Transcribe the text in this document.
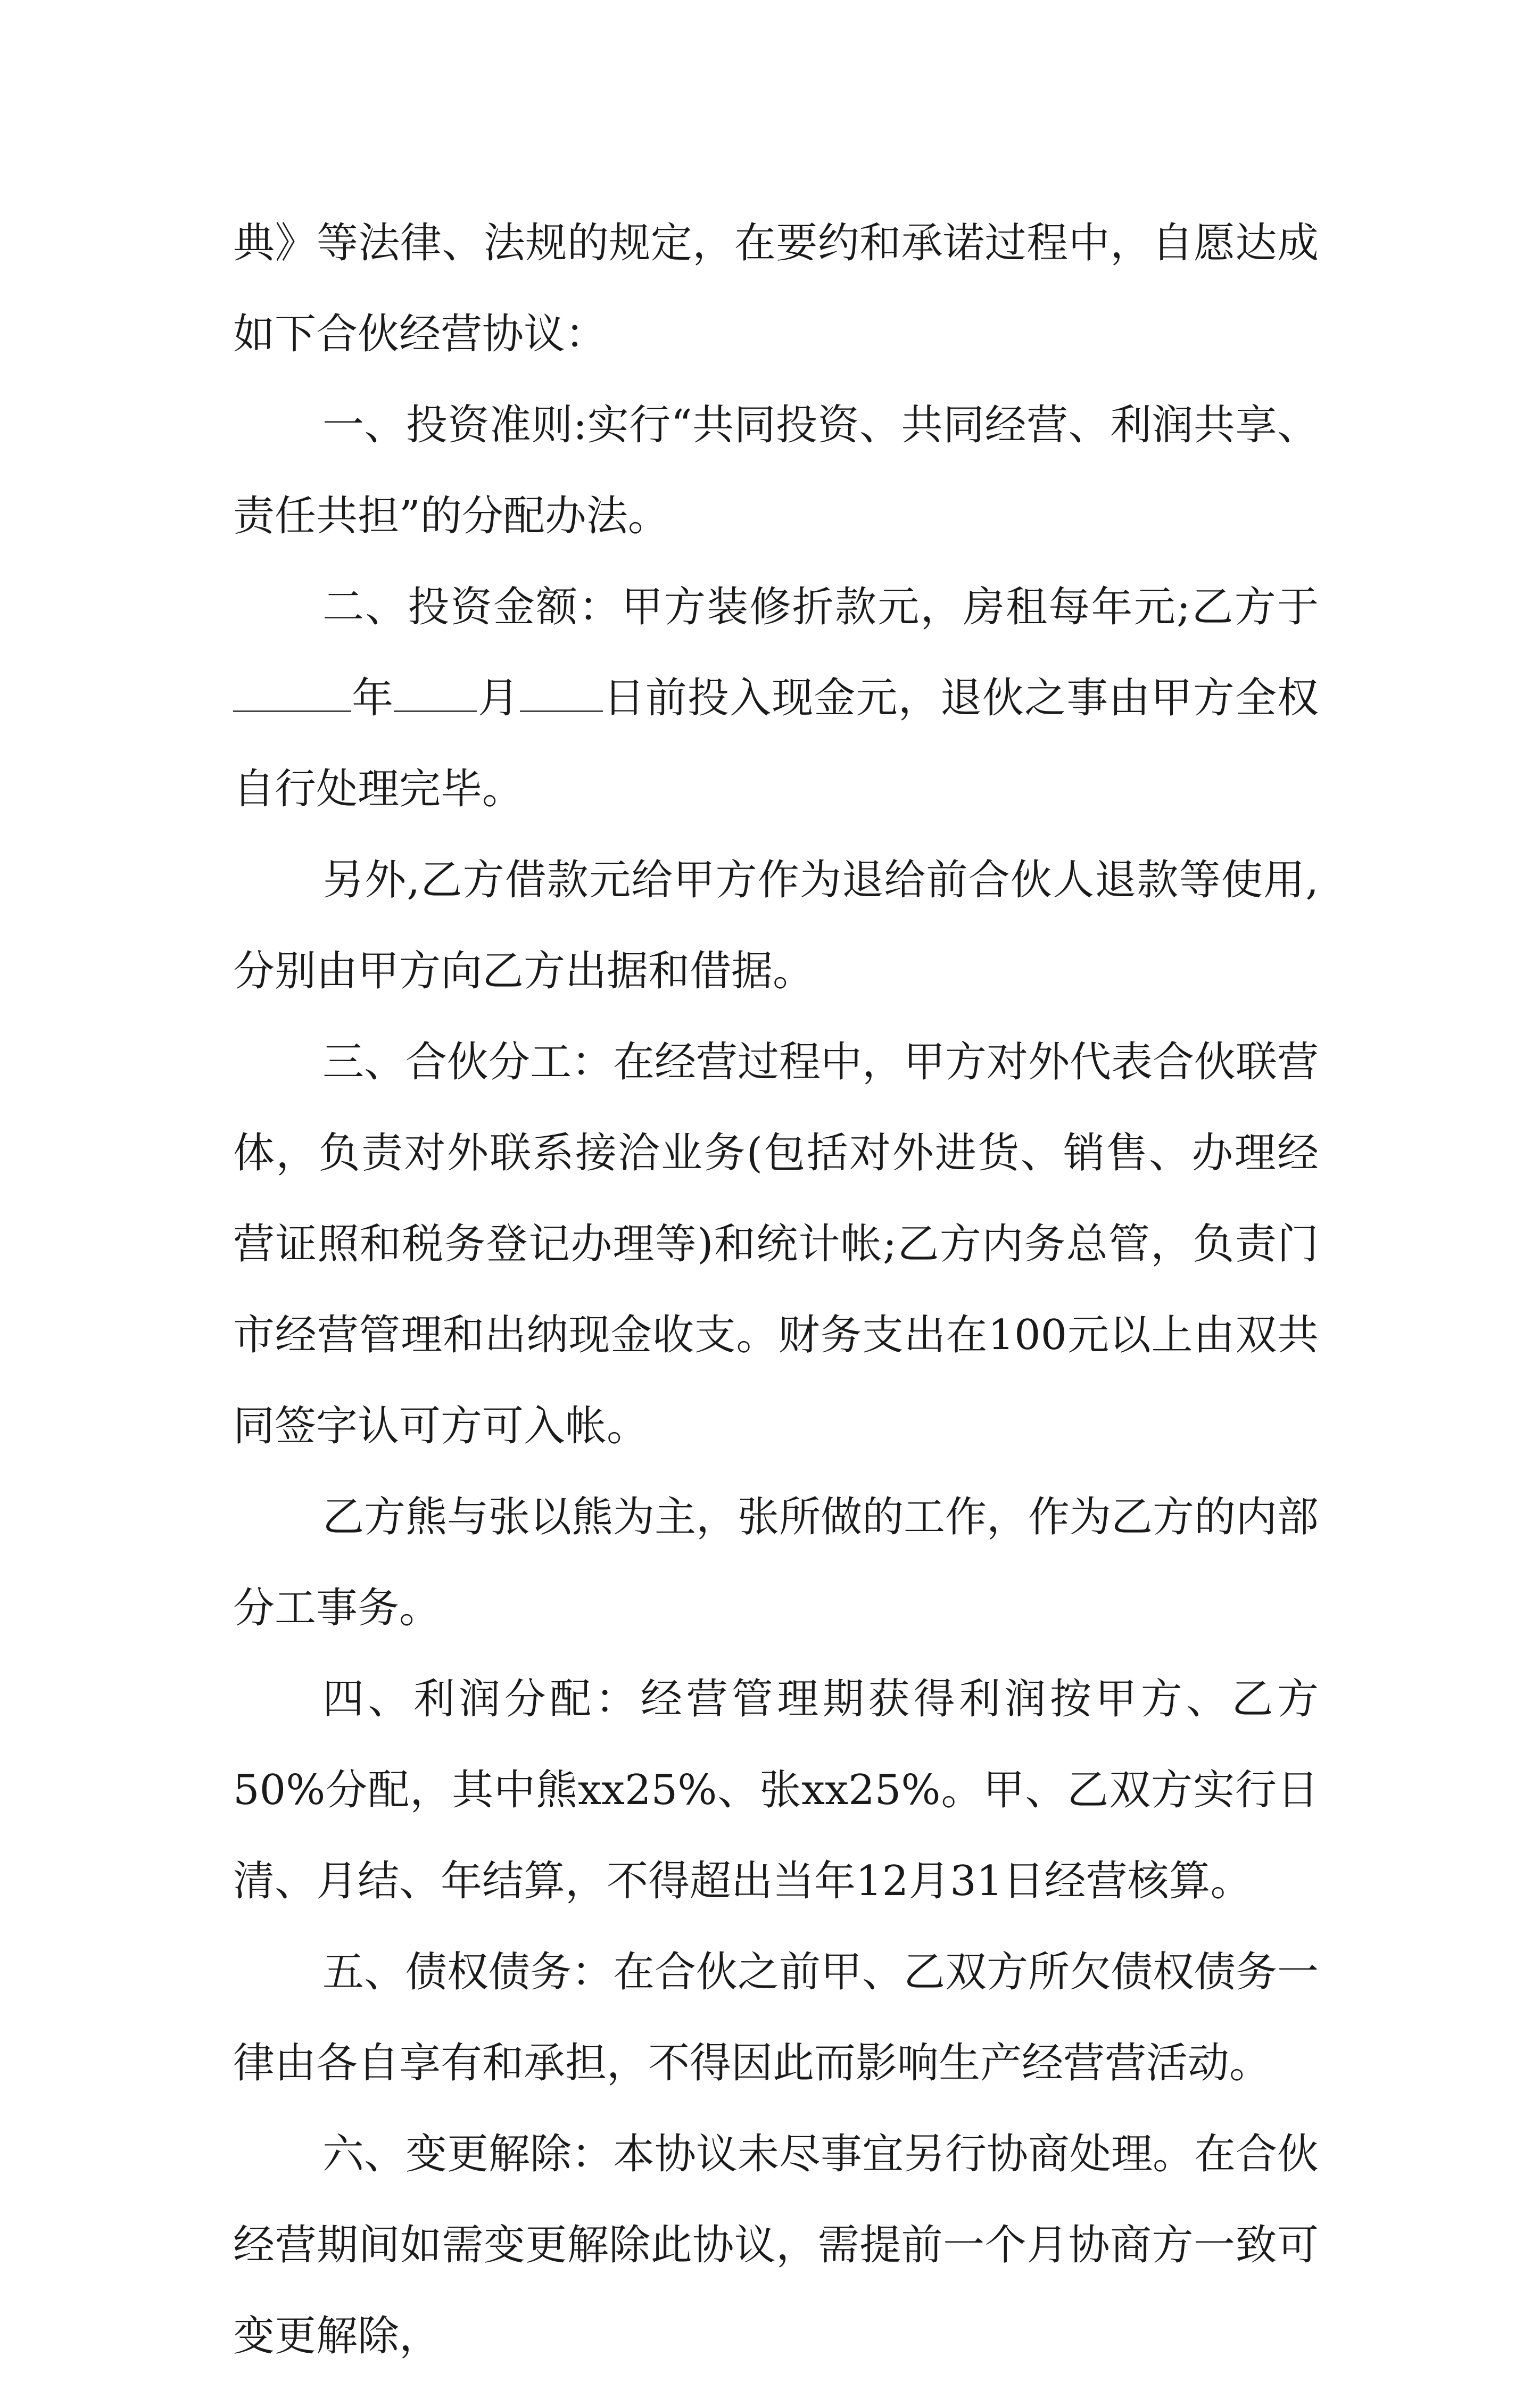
典》等法律、法规的规定，在要约和承诺过程中，自愿达成如下合伙经营协议：

一、投资准则:实行“共同投资、共同经营、利润共享、责任共担”的分配办法。

二、投资金额：甲方装修折款元，房租每年元;乙方于年 月 日前投入现金元，退伙之事由甲方全权自行处理完毕。

另外,乙方借款元给甲方作为退给前合伙人退款等使用,分别由甲方向乙方出据和借据。

三、合伙分工：在经营过程中，甲方对外代表合伙联营体，负责对外联系接洽业务(包括对外进货、销售、办理经营证照和税务登记办理等)和统计帐;乙方内务总管，负责门市经营管理和出纳现金收支。财务支出在100元以上由双共同签字认可方可入帐。

乙方熊与张以熊为主，张所做的工作，作为乙方的内部分工事务。

四、利润分配：经营管理期获得利润按甲方、乙方50%分配，其中熊xx25%、张xx25%。甲、乙双方实行日清、月结、年结算，不得超出当年12月31日经营核算。

五、债权债务：在合伙之前甲、乙双方所欠债权债务一律由各自享有和承担，不得因此而影响生产经营营活动。

六、变更解除：本协议未尽事宜另行协商处理。在合伙经营期间如需变更解除此协议，需提前一个月协商方一致可变更解除，
